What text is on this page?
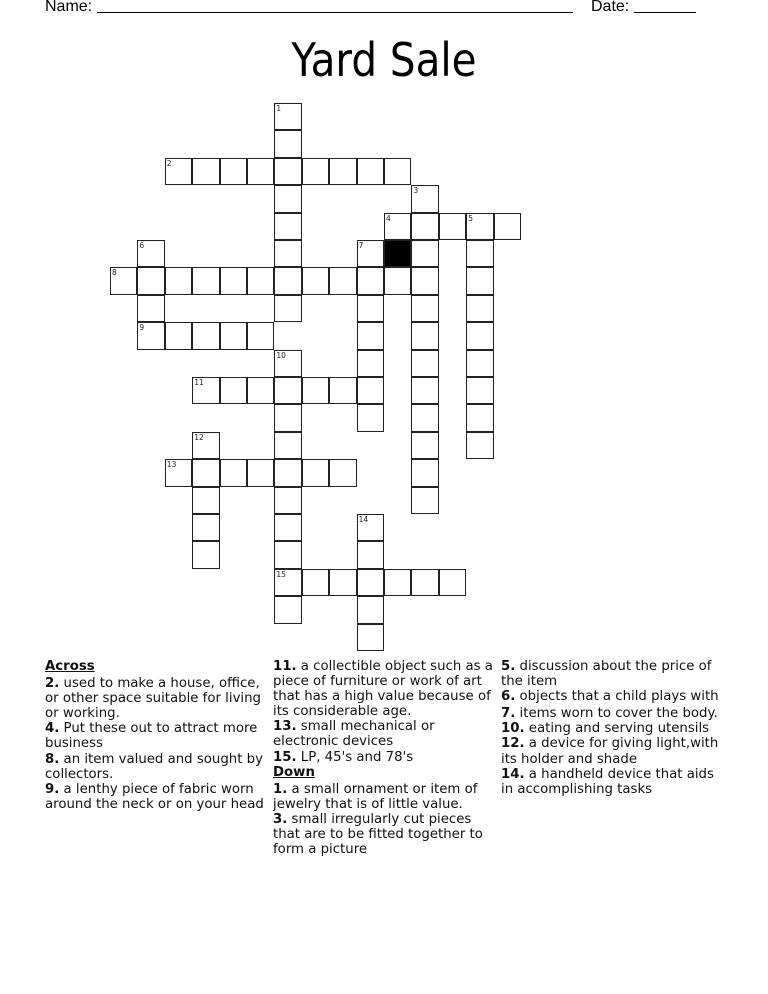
Name:	Date:
Yard Sale
1
2
3
4	5
6	7
8
9
10
11
12
13
14
15
Across
2. used to make a house, office, or other space suitable for living or working.
4. Put these out to attract more business
8. an item valued and sought by collectors.
9. a lenthy piece of fabric worn around the neck or on your head
11. a collectible object such as a piece of furniture or work of art that has a high value because of its considerable age.
13. small mechanical or electronic devices
15. LP, 45's and 78's
Down
1. a small ornament or item of jewelry that is of little value.
3. small irregularly cut pieces that are to be fitted together to form a picture
5. discussion about the price of the item
6. objects that a child plays with
7. items worn to cover the body.
10. eating and serving utensils
12. a device for giving light,with its holder and shade
14. a handheld device that aids in accomplishing tasks
